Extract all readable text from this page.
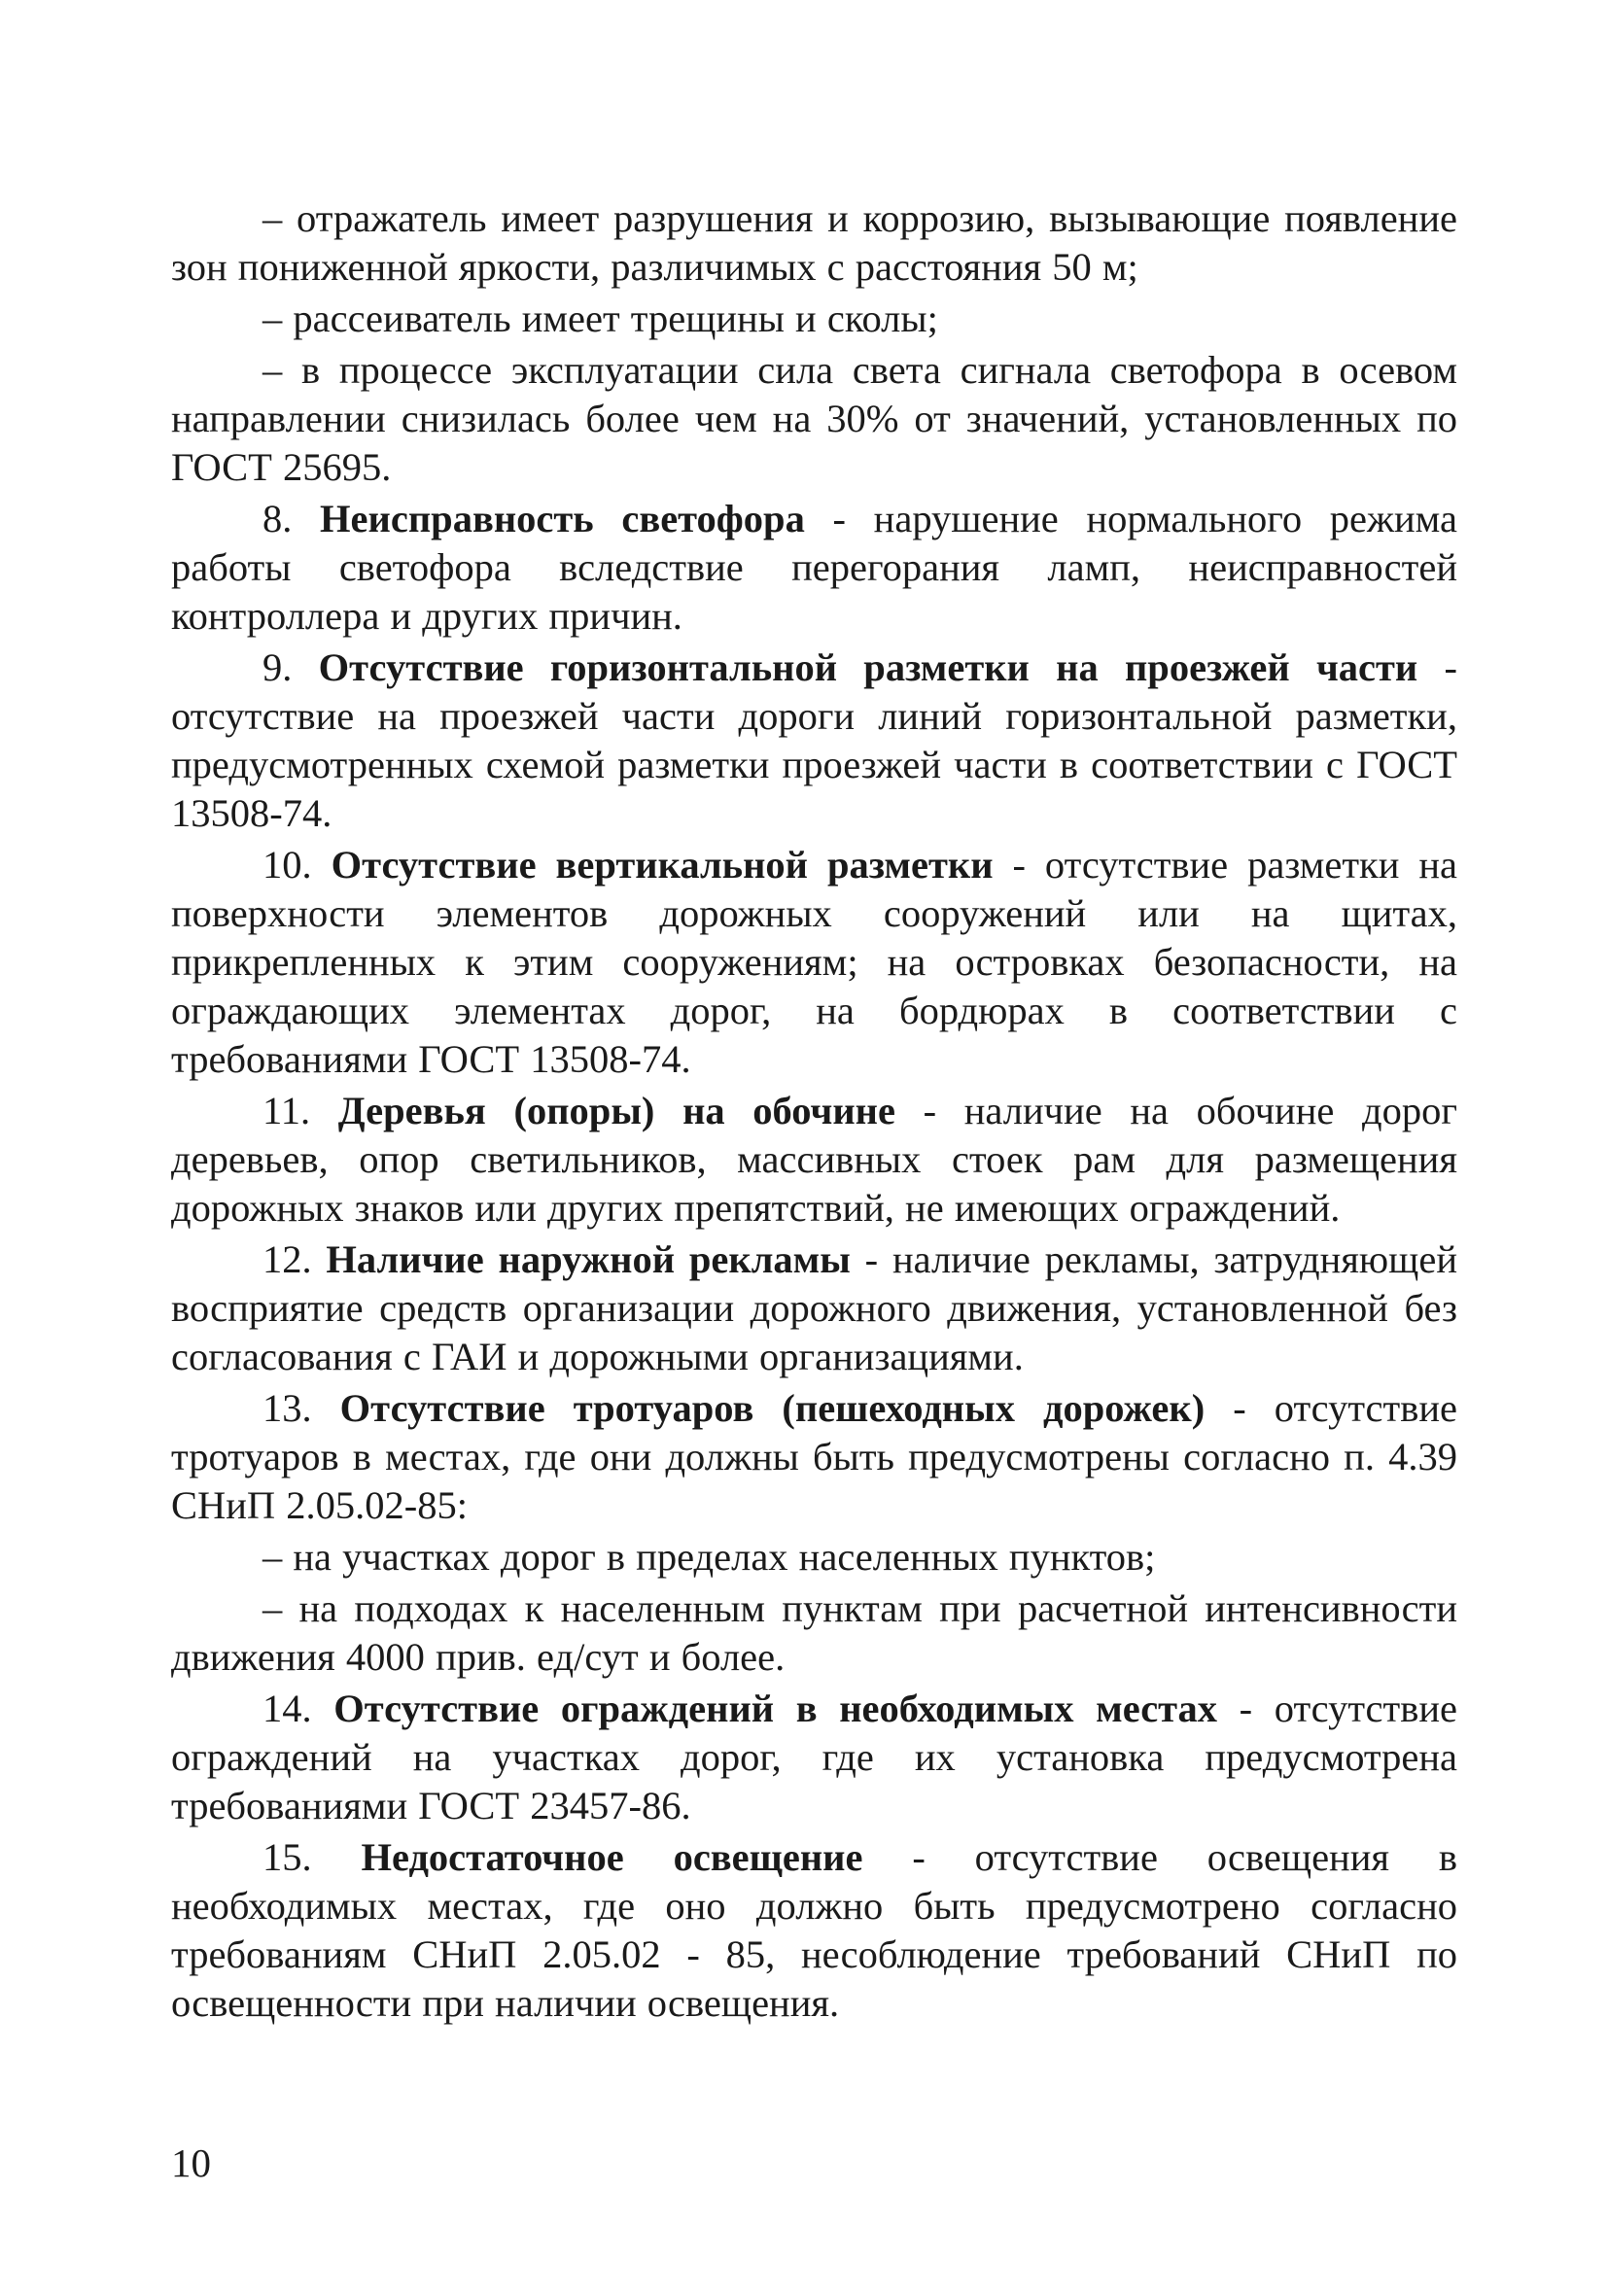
– отражатель имеет разрушения и коррозию, вызывающие появление зон пониженной яркости, различимых с расстояния 50 м;

– рассеиватель имеет трещины и сколы;

– в процессе эксплуатации сила света сигнала светофора в осевом направлении снизилась более чем на 30% от значений, установленных по ГОСТ 25695.

8. Неисправность светофора - нарушение нормального режима работы светофора вследствие перегорания ламп, неисправностей контроллера и других причин.

9. Отсутствие горизонтальной разметки на проезжей части - отсутствие на проезжей части дороги линий горизонтальной разметки, предусмотренных схемой разметки проезжей части в соответствии с ГОСТ 13508-74.

10. Отсутствие вертикальной разметки - отсутствие разметки на поверхности элементов дорожных сооружений или на щитах, прикрепленных к этим сооружениям; на островках безопасности, на ограждающих элементах дорог, на бордюрах в соответствии с требованиями ГОСТ 13508-74.

11. Деревья (опоры) на обочине - наличие на обочине дорог деревьев, опор светильников, массивных стоек рам для размещения дорожных знаков или других препятствий, не имеющих ограждений.

12. Наличие наружной рекламы - наличие рекламы, затрудняющей восприятие средств организации дорожного движения, установленной без согласования с ГАИ и дорожными организациями.

13. Отсутствие тротуаров (пешеходных дорожек) - отсутствие тротуаров в местах, где они должны быть предусмотрены согласно п. 4.39 СНиП 2.05.02-85:

– на участках дорог в пределах населенных пунктов;

– на подходах к населенным пунктам при расчетной интенсивности движения 4000 прив. ед/сут и более.

14. Отсутствие ограждений в необходимых местах - отсутствие ограждений на участках дорог, где их установка предусмотрена требованиями ГОСТ 23457-86.

15. Недостаточное освещение - отсутствие освещения в необходимых местах, где оно должно быть предусмотрено согласно требованиям СНиП 2.05.02 - 85, несоблюдение требований СНиП по освещенности при наличии освещения.

10
